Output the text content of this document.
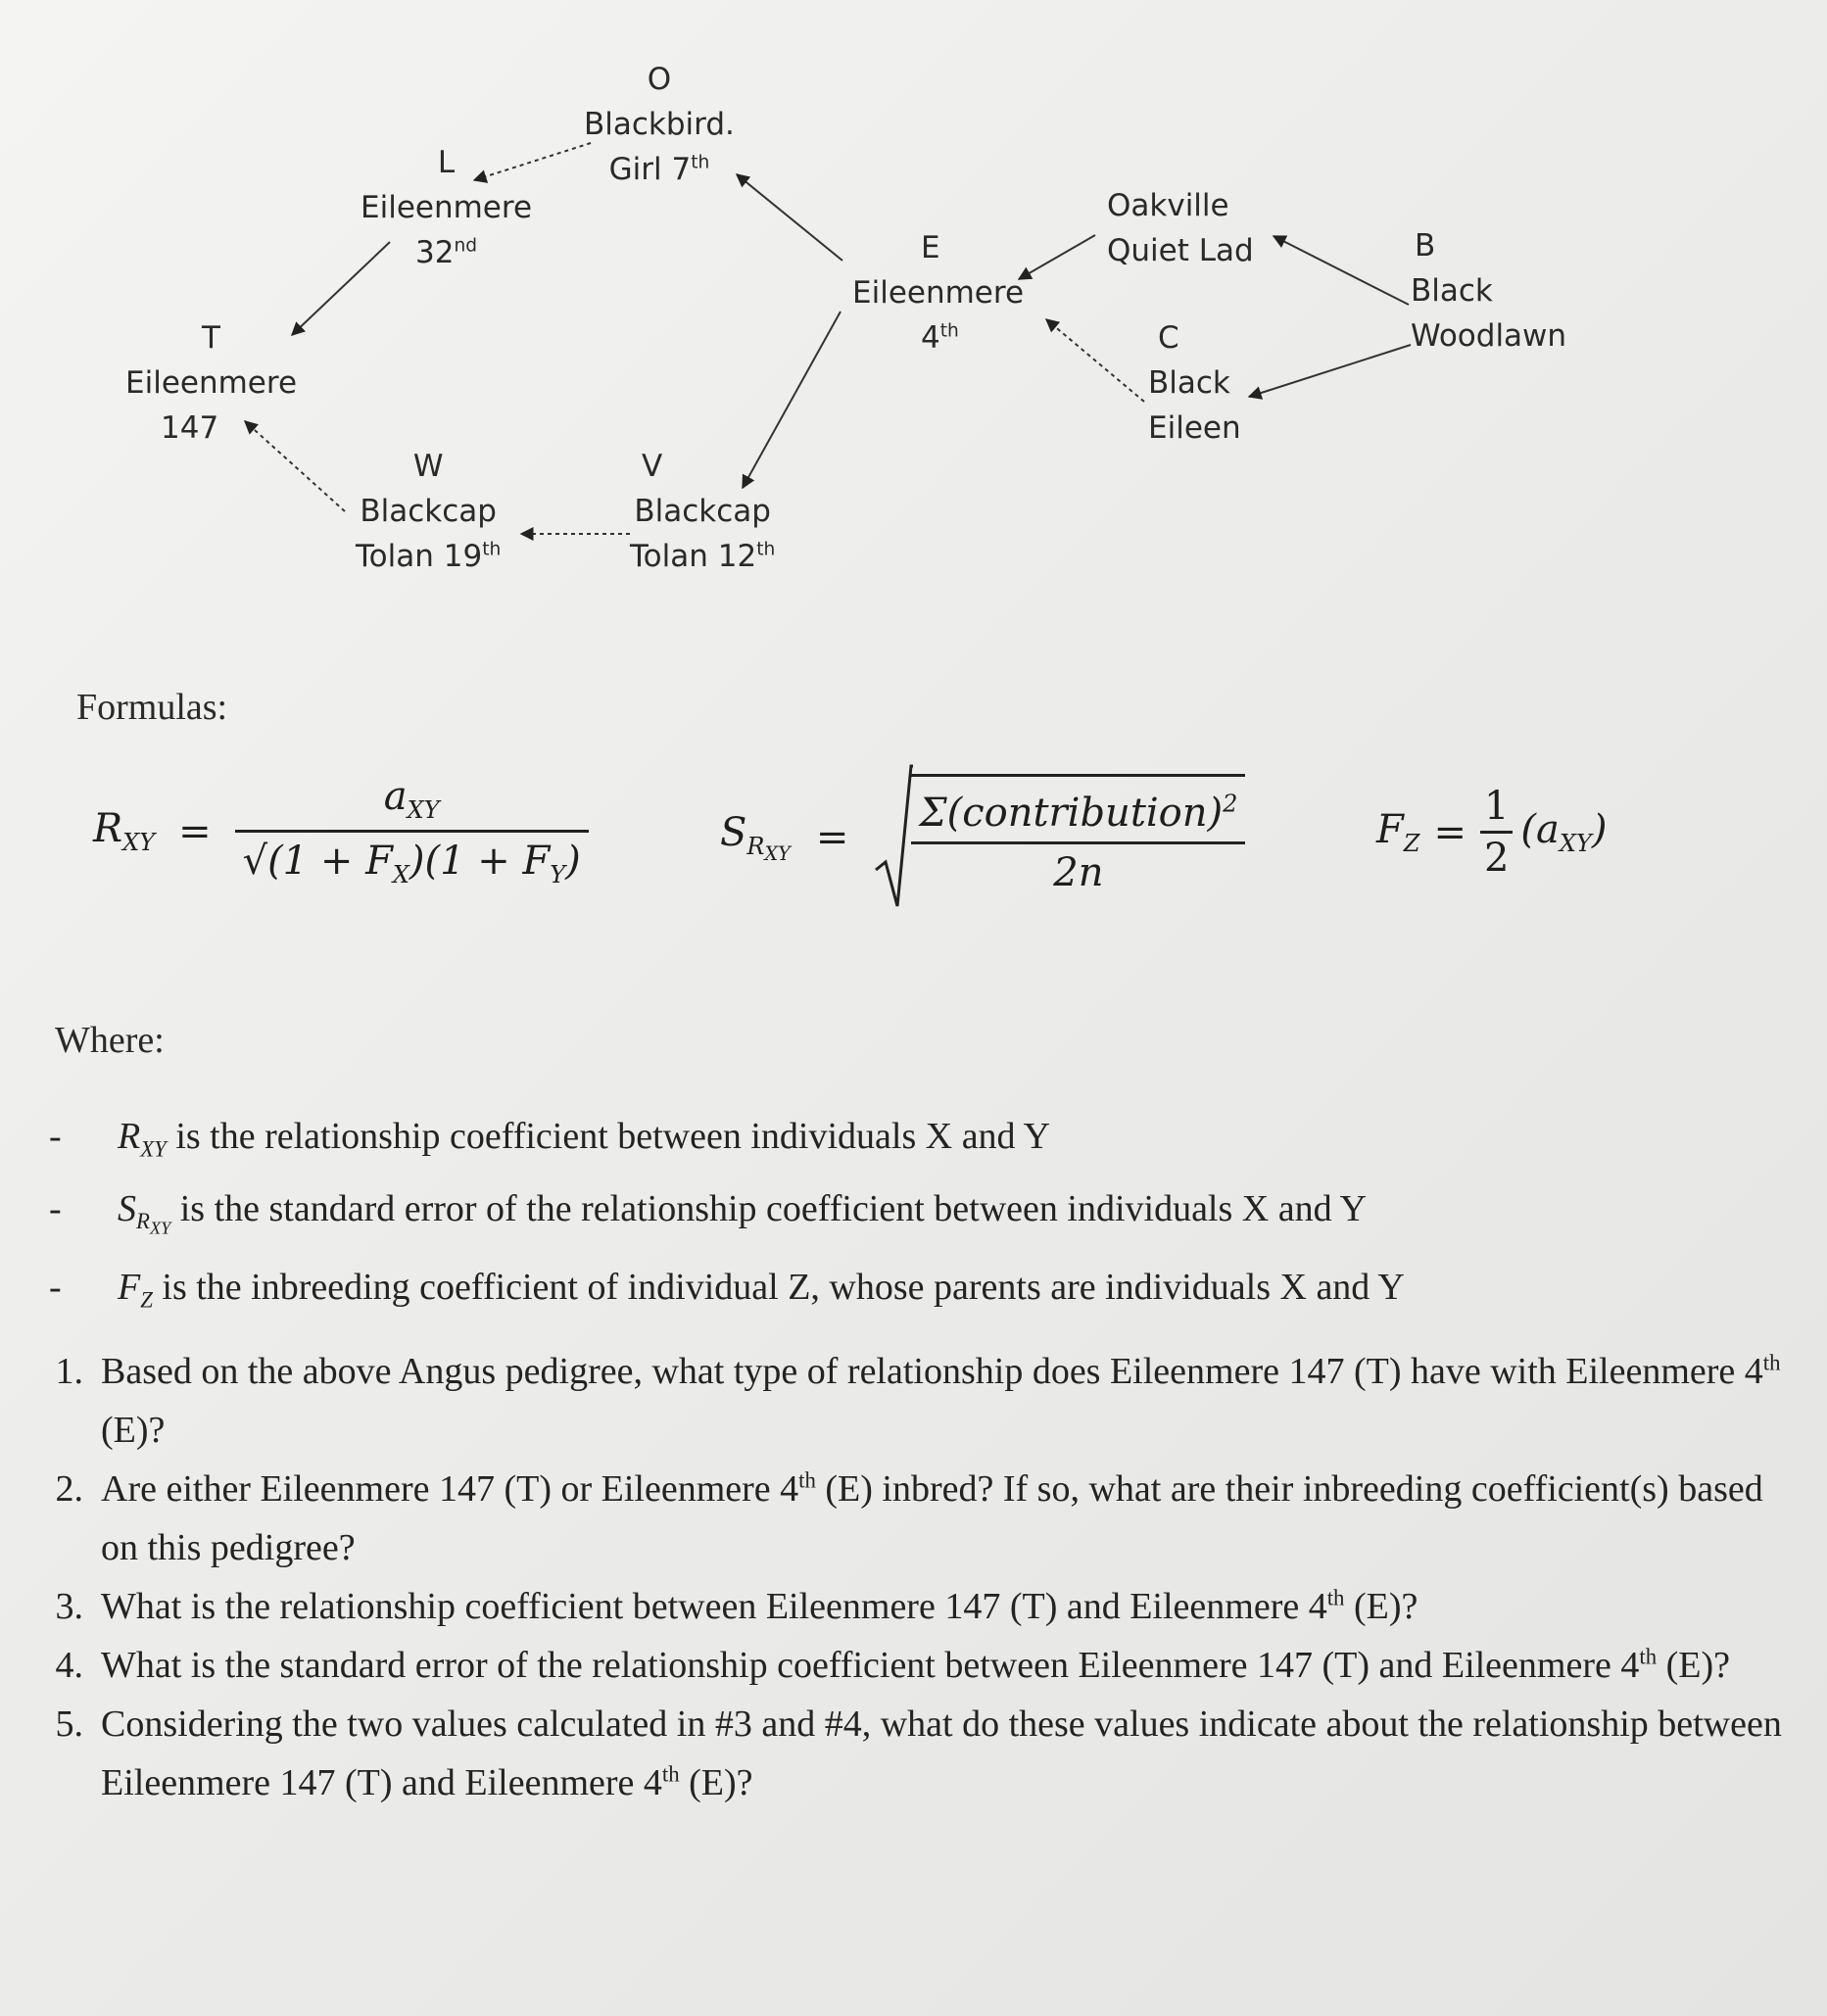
O
Blackbird.
Girl 7th
L
Eileenmere
32nd
T
Eileenmere
147
W
Blackcap
Tolan 19th
V
Blackcap
Tolan 12th
E
Eileenmere
4th
Oakville
Quiet Lad
C
Black
Eileen
B
Black
Woodlawn
Formulas:
$R_{XY} = \frac{a_{XY}}{√(1 + F_X)(1 + F_Y)}$	$S_{R_{XY}} = \frac{\Sigma(contribution)^2}{2n}$	$F_Z = \frac{1}{2} (a_{XY})$
Where:
-	$R_{XY}$ is the relationship coefficient between individuals X and Y
-	$S_{R_{XY}}$ is the standard error of the relationship coefficient between individuals X and Y
-	$F_Z$ is the inbreeding coefficient of individual Z, whose parents are individuals X and Y
1. Based on the above Angus pedigree, what type of relationship does Eileenmere 147 (T) have with Eileenmere 4th (E)?
2. Are either Eileenmere 147 (T) or Eileenmere 4th (E) inbred? If so, what are their inbreeding coefficient(s) based on this pedigree?
3. What is the relationship coefficient between Eileenmere 147 (T) and Eileenmere 4th (E)?
4. What is the standard error of the relationship coefficient between Eileenmere 147 (T) and Eileenmere 4th (E)?
5. Considering the two values calculated in #3 and #4, what do these values indicate about the relationship between Eileenmere 147 (T) and Eileenmere 4th (E)?
